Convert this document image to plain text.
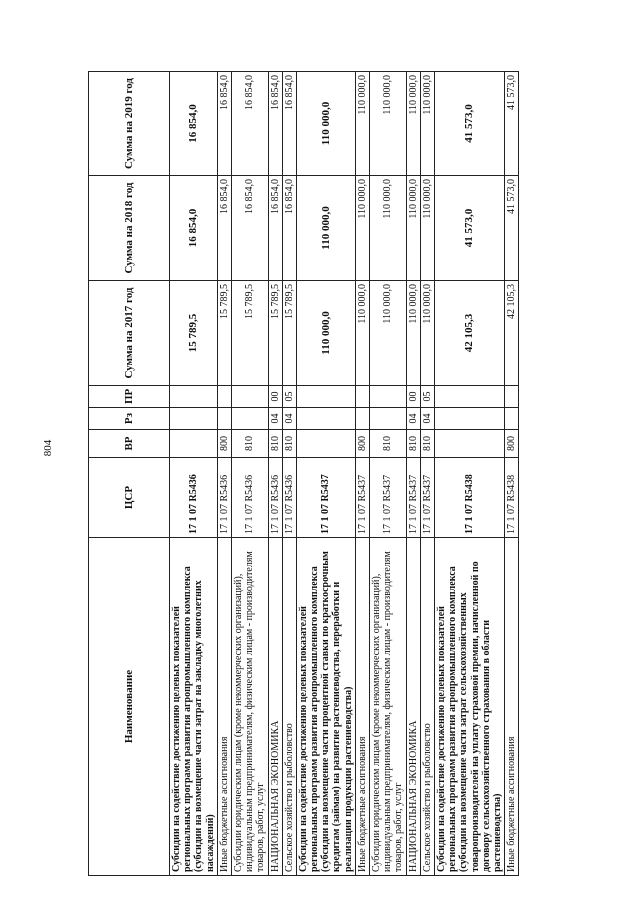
804
Наименование	ЦСР	ВР	Рз	ПР	Сумма на 2017 год	Сумма на 2018 год	Сумма на 2019 год
Субсидии на содействие достижению целевых показателей региональных программ развития агропромышленного комплекса (субсидии на возмещение части затрат на закладку многолетних насаждений)	17 1 07 R5436				15 789,5	16 854,0	16 854,0
Иные бюджетные ассигнования	17 1 07 R5436	800			15 789,5	16 854,0	16 854,0
Субсидии юридическим лицам (кроме некоммерческих организаций), индивидуальным предпринимателям, физическим лицам - производителям товаров, работ, услуг	17 1 07 R5436	810			15 789,5	16 854,0	16 854,0
НАЦИОНАЛЬНАЯ ЭКОНОМИКА	17 1 07 R5436	810	04	00	15 789,5	16 854,0	16 854,0
Сельское хозяйство и рыболовство	17 1 07 R5436	810	04	05	15 789,5	16 854,0	16 854,0
Субсидии на содействие достижению целевых показателей региональных программ развития агропромышленного комплекса (субсидии на возмещение части процентной ставки по краткосрочным кредитам (займам) на развитие растениеводства, переработки и реализации продукции растениеводства)	17 1 07 R5437				110 000,0	110 000,0	110 000,0
Иные бюджетные ассигнования	17 1 07 R5437	800			110 000,0	110 000,0	110 000,0
Субсидии юридическим лицам (кроме некоммерческих организаций), индивидуальным предпринимателям, физическим лицам - производителям товаров, работ, услуг	17 1 07 R5437	810			110 000,0	110 000,0	110 000,0
НАЦИОНАЛЬНАЯ ЭКОНОМИКА	17 1 07 R5437	810	04	00	110 000,0	110 000,0	110 000,0
Сельское хозяйство и рыболовство	17 1 07 R5437	810	04	05	110 000,0	110 000,0	110 000,0
Субсидии на содействие достижению целевых показателей региональных программ развития агропромышленного комплекса (субсидии на возмещение части затрат сельскохозяйственных товаропроизводителей на уплату страховой премии, начисленной по договору сельскохозяйственного страхования в области растениеводства)	17 1 07 R5438				42 105,3	41 573,0	41 573,0
Иные бюджетные ассигнования	17 1 07 R5438	800			42 105,3	41 573,0	41 573,0
